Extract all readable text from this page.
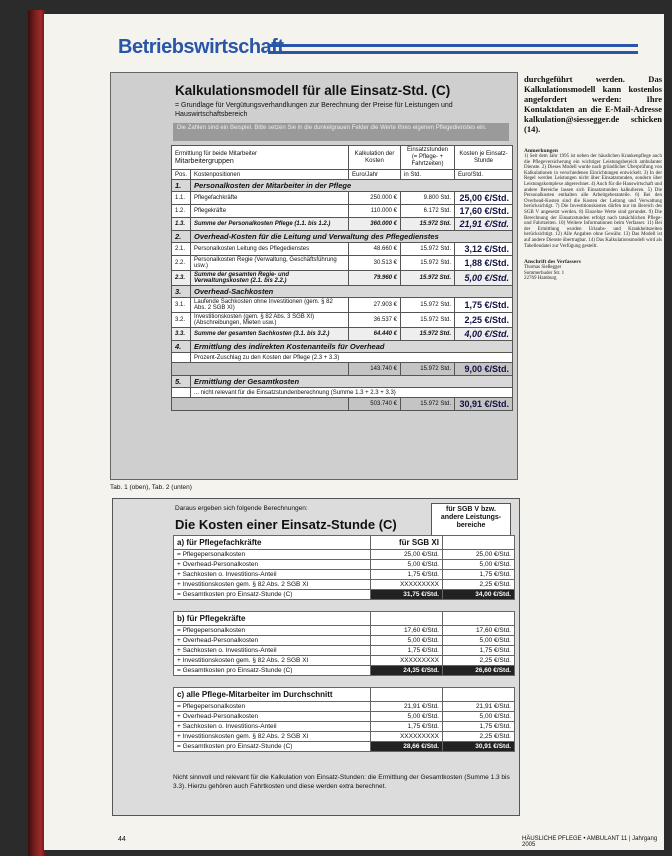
Betriebswirtschaft
Kalkulationsmodell für alle Einsatz-Std. (C)
= Grundlage für Vergütungsverhandlungen zur Berechnung der Preise für Leistungen und Hauswirtschaftsbereich
Die Zahlen sind ein Beispiel. Bitte setzen Sie in die dunkelgrauen Felder die Werte Ihres eigenen Pflegedienstes ein.
Ermittlung für beide Mitarbeiter
Mitarbeitergruppen		Kalkulation der Kosten	Einsatzstunden (= Pflege- + Fahrtzeiten)	Kosten je Einsatz-Stunde
Pos.	Kostenpositionen	Euro/Jahr	in Std.	Euro/Std.
1.	Personalkosten der Mitarbeiter in der Pflege			
1.1.	Pflegefachkräfte	250.000 €	9.800 Std.	25,00 €/Std.
1.2.	Pflegekräfte	110.000 €	6.172 Std.	17,60 €/Std.
1.3.	Summe der Personalkosten Pflege (1.1. bis 1.2.)	360.000 €	15.972 Std.	21,91 €/Std.
2.	Overhead-Kosten für die Leitung und Verwaltung des Pflegedienstes			
2.1.	Personalkosten Leitung des Pflegedienstes	48.660 €	15.972 Std.	3,12 €/Std.
2.2.	Personalkosten Regie (Verwaltung, Geschäftsführung usw.)	30.513 €	15.972 Std.	1,88 €/Std.
2.3.	Summe der gesamten Regie- und Verwaltungskosten (2.1. bis 2.2.)	79.960 €	15.972 Std.	5,00 €/Std.
3.	Overhead-Sachkosten			
3.1.	Laufende Sachkosten ohne Investitionen (gem. § 82 Abs. 2 SGB XI)	27.903 €	15.972 Std.	1,75 €/Std.
3.2.	Investitionskosten (gem. § 82 Abs. 3 SGB XI) (Abschreibungen, Mieten usw.)	36.537 €	15.972 Std.	2,25 €/Std.
3.3.	Summe der gesamten Sachkosten (3.1. bis 3.2.)	64.440 €	15.972 Std.	4,00 €/Std.
4.	Ermittlung des indirekten Kostenanteils für Overhead			
	Prozent-Zuschlag zu den Kosten der Pflege (2.3 + 3.3)			
		143.740 €	15.972 Std.	9,00 €/Std.
5.	Ermittlung der Gesamtkosten			
	... nicht relevant für die Einsatzstundenberechnung (Summe 1.3 + 2.3 + 3.3)			
		503.740 €	15.972 Std.	30,91 €/Std.
Tab. 1 (oben), Tab. 2 (unten)
Daraus ergeben sich folgende Berechnungen:
Die Kosten einer Einsatz-Stunde (C)
für SGB V bzw. andere Leistungs-bereiche
Nicht sinnvoll und relevant für die Kalkulation von Einsatz-Stunden: die Ermittlung der Gesamtkosten (Summe 1.3 bis 3.3). Hierzu gehören auch Fahrtkosten und diese werden extra berechnet.
a) für Pflegefachkräfte	für SGB XI	
= Pflegepersonalkosten	25,00 €/Std.	25,00 €/Std.
+ Overhead-Personalkosten	5,00 €/Std.	5,00 €/Std.
+ Sachkosten o. Investitions-Anteil	1,75 €/Std.	1,75 €/Std.
+ Investitionskosten gem. § 82 Abs. 2 SGB XI	XXXXXXXXX	2,25 €/Std.
= Gesamtkosten pro Einsatz-Stunde (C)	31,75 €/Std.	34,00 €/Std.
b) für Pflegekräfte		
= Pflegepersonalkosten	17,60 €/Std.	17,60 €/Std.
+ Overhead-Personalkosten	5,00 €/Std.	5,00 €/Std.
+ Sachkosten o. Investitions-Anteil	1,75 €/Std.	1,75 €/Std.
+ Investitionskosten gem. § 82 Abs. 2 SGB XI	XXXXXXXXX	2,25 €/Std.
= Gesamtkosten pro Einsatz-Stunde (C)	24,35 €/Std.	26,60 €/Std.
c) alle Pflege-Mitarbeiter im Durchschnitt		
= Pflegepersonalkosten	21,91 €/Std.	21,91 €/Std.
+ Overhead-Personalkosten	5,00 €/Std.	5,00 €/Std.
+ Sachkosten o. Investitions-Anteil	1,75 €/Std.	1,75 €/Std.
+ Investitionskosten gem. § 82 Abs. 2 SGB XI	XXXXXXXXX	2,25 €/Std.
= Gesamtkosten pro Einsatz-Stunde (C)	28,66 €/Std.	30,91 €/Std.
durchgeführt werden. Das Kalkulationsmodell kann kostenlos angefordert werden: Ihre Kontaktdaten an die E-Mail-Adresse kalkulation@siessegger.de schicken (14).
Anmerkungen
1) Seit dem Jahr 1995 ist neben der häuslichen Krankenpflege auch die Pflegeversicherung ein wichtiger Leistungsbereich ambulanter Dienste. 2) Dieses Modell wurde nach gründlicher Überprüfung von Kalkulationen in verschiedenen Einrichtungen entwickelt. 3) In der Regel werden Leistungen nicht über Einsatzstunden, sondern über Leistungskomplexe abgerechnet. 4) Auch für die Hauswirtschaft und andere Bereiche lassen sich Einsatzstunden kalkulieren. 5) Die Personalkosten enthalten alle Arbeitgeberanteile. 6) Bei den Overhead-Kosten sind die Kosten der Leitung und Verwaltung berücksichtigt. 7) Die Investitionskosten dürfen nur im Bereich des SGB V angesetzt werden. 8) Einzelne Werte sind gerundet. 9) Die Berechnung der Einsatzstunden erfolgt nach tatsächlichen Pflege- und Fahrtzeiten. 10) Weitere Informationen beim Verfasser. 11) Bei der Ermittlung wurden Urlaubs- und Krankheitszeiten berücksichtigt. 12) Alle Angaben ohne Gewähr. 13) Das Modell ist auf andere Dienste übertragbar. 14) Das Kalkulationsmodell wird als Tabellendatei zur Verfügung gestellt.
Anschrift des Verfassers
Thomas Sießegger
Sommerhuder Str. 1
22769 Hamburg
44	HÄUSLICHE PFLEGE • AMBULANT 11 | Jahrgang 2005
